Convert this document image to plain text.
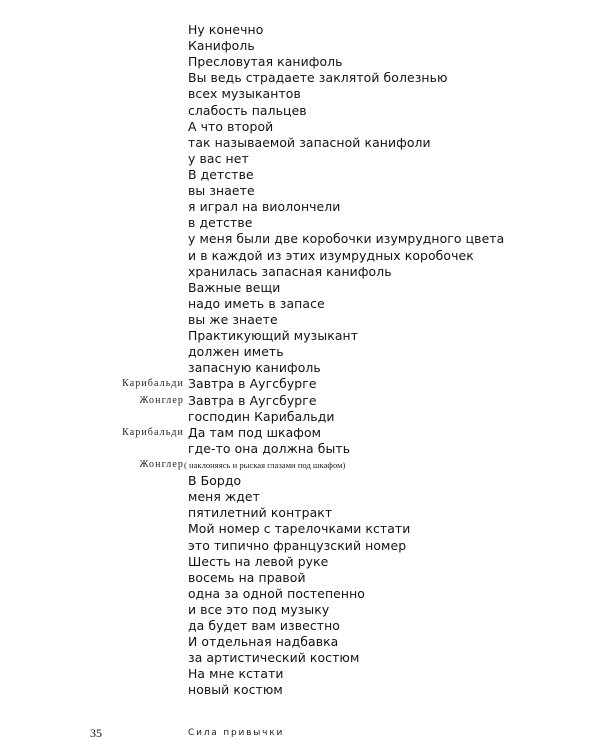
Ну конечно
Канифоль
Пресловутая канифоль
Вы ведь страдаете заклятой болезнью
всех музыкантов
слабость пальцев
А что второй
так называемой запасной канифоли
у вас нет
В детстве
вы знаете
я играл на виолончели
в детстве
у меня были две коробочки изумрудного цвета
и в каждой из этих изумрудных коробочек
хранилась запасная канифоль
Важные вещи
надо иметь в запасе
вы же знаете
Практикующий музыкант
должен иметь
запасную канифоль
Карибальди Завтра в Аугсбурге
Жонглер Завтра в Аугсбурге
господин Карибальди
Карибальди Да там под шкафом
где-то она должна быть
Жонглер ( наклоняясь и рыская глазами под шкафом)
В Бордо
меня ждет
пятилетний контракт
Мой номер с тарелочками кстати
это типично французский номер
Шесть на левой руке
восемь на правой
одна за одной постепенно
и все это под музыку
да будет вам известно
И отдельная надбавка
за артистический костюм
На мне кстати
новый костюм
35	Сила привычки
